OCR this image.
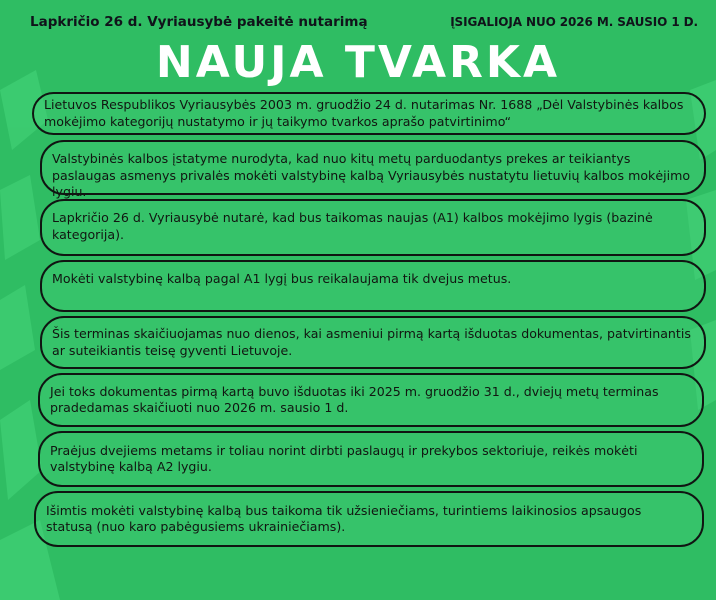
Lapkričio 26 d. Vyriausybė pakeitė nutarimą	ĮSIGALIOJA NUO 2026 M. SAUSIO 1 D.
NAUJA TVARKA
Lietuvos Respublikos Vyriausybės 2003 m. gruodžio 24 d. nutarimas Nr. 1688 „Dėl Valstybinės kalbos mokėjimo kategorijų nustatymo ir jų taikymo tvarkos aprašo patvirtinimo“
Valstybinės kalbos įstatyme nurodyta, kad nuo kitų metų parduodantys prekes ar teikiantys paslaugas asmenys privalės mokėti valstybinę kalbą Vyriausybės nustatytu lietuvių kalbos mokėjimo lygiu.
Lapkričio 26 d. Vyriausybė nutarė, kad bus taikomas naujas (A1) kalbos mokėjimo lygis (bazinė kategorija).
Mokėti valstybinę kalbą pagal A1 lygį bus reikalaujama tik dvejus metus.
Šis terminas skaičiuojamas nuo dienos, kai asmeniui pirmą kartą išduotas dokumentas, patvirtinantis ar suteikiantis teisę gyventi Lietuvoje.
Jei toks dokumentas pirmą kartą buvo išduotas iki 2025 m. gruodžio 31 d., dviejų metų terminas pradedamas skaičiuoti nuo 2026 m. sausio 1 d.
Praėjus dvejiems metams ir toliau norint dirbti paslaugų ir prekybos sektoriuje, reikės mokėti valstybinę kalbą A2 lygiu.
Išimtis mokėti valstybinę kalbą bus taikoma tik užsieniečiams, turintiems laikinosios apsaugos statusą (nuo karo pabėgusiems ukrainiečiams).
